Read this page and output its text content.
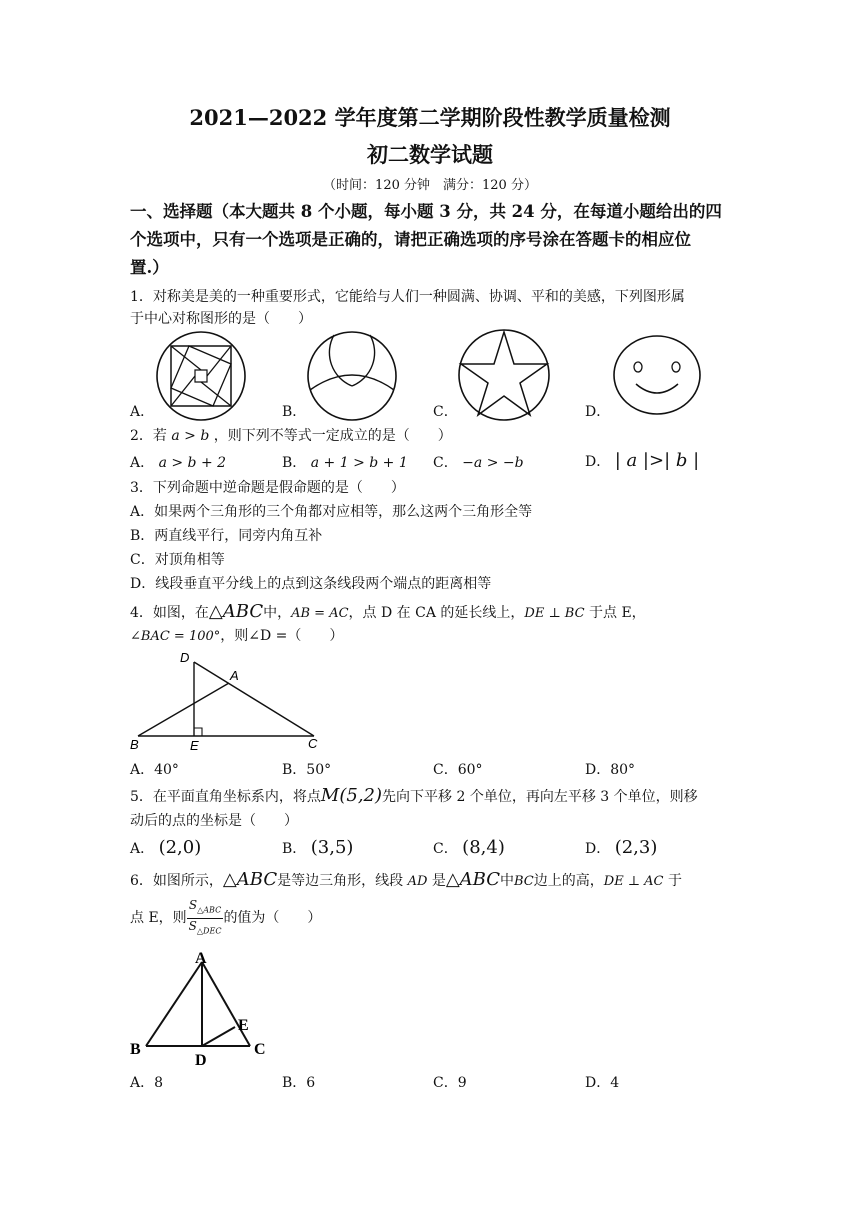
2021—2022 学年度第二学期阶段性教学质量检测
初二数学试题
（时间：120 分钟　满分：120 分）
一、选择题（本大题共 8 个小题，每小题 3 分，共 24 分，在每道小题给出的四
个选项中，只有一个选项是正确的，请把正确选项的序号涂在答题卡的相应位
置.）
1．对称美是美的一种重要形式，它能给与人们一种圆满、协调、平和的美感，下列图形属
于中心对称图形的是（　　）
A．	B．	C．	D．
2．若 a > b ，则下列不等式一定成立的是（　　）
A． a > b + 2	B． a + 1 > b + 1 C． −a > −b	D． | a |>| b |
3．下列命题中逆命题是假命题的是（　　）
A．如果两个三角形的三个角都对应相等，那么这两个三角形全等
B．两直线平行，同旁内角互补
C．对顶角相等
D．线段垂直平分线上的点到这条线段两个端点的距离相等
4．如图，在△ABC中，AB = AC，点 D 在 CA 的延长线上，DE ⊥ BC 于点 E，
∠BAC = 100°，则∠D =（　　）
D
A
B	E	C
A．40°	B．50°	C．60°	D．80°
5．在平面直角坐标系内，将点M(5,2)先向下平移 2 个单位，再向左平移 3 个单位，则移
动后的点的坐标是（　　）
A． (2,0)	B． (3,5)	C． (8,4)	D． (2,3)
6．如图所示，△ABC是等边三角形，线段 AD 是△ABC中BC边上的高，DE ⊥ AC 于
点 E，则 $\frac{S_{\triangle ABC}}{S_{\triangle DEC}}$ 的值为（　　）
A
B	C
D
E
A．8	B．6	C．9	D．4
